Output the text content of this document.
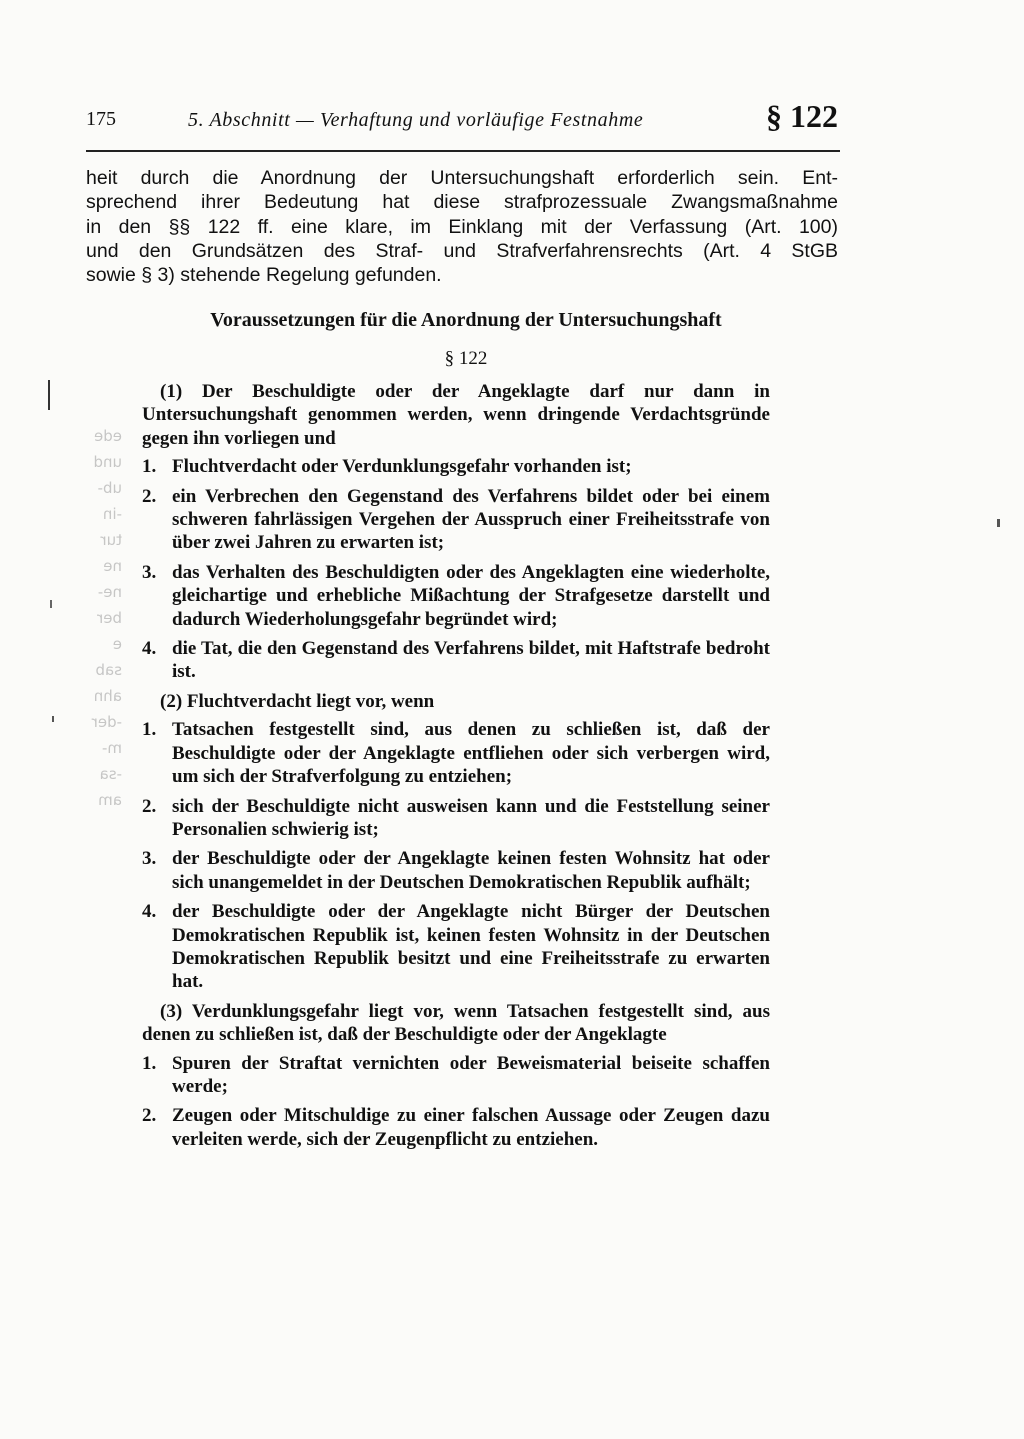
175	5. Abschnitt — Verhaftung und vorläufige Festnahme	§ 122
heit durch die Anordnung der Untersuchungshaft erforderlich sein. Ent-
sprechend ihrer Bedeutung hat diese strafprozessuale Zwangsmaßnahme
in den §§ 122 ff. eine klare, im Einklang mit der Verfassung (Art. 100)
und den Grundsätzen des Straf- und Strafverfahrensrechts (Art. 4 StGB
sowie § 3) stehende Regelung gefunden.
Voraussetzungen für die Anordnung der Untersuchungshaft
§ 122
(1) Der Beschuldigte oder der Angeklagte darf nur dann in Untersuchungshaft genommen werden, wenn dringende Verdachtsgründe gegen ihn vorliegen und
1. Fluchtverdacht oder Verdunklungsgefahr vorhanden ist;
2. ein Verbrechen den Gegenstand des Verfahrens bildet oder bei einem schweren fahrlässigen Vergehen der Ausspruch einer Freiheitsstrafe von über zwei Jahren zu erwarten ist;
3. das Verhalten des Beschuldigten oder des Angeklagten eine wiederholte, gleichartige und erhebliche Mißachtung der Strafgesetze darstellt und dadurch Wiederholungsgefahr begründet wird;
4. die Tat, die den Gegenstand des Verfahrens bildet, mit Haftstrafe bedroht ist.
(2) Fluchtverdacht liegt vor, wenn
1. Tatsachen festgestellt sind, aus denen zu schließen ist, daß der Beschuldigte oder der Angeklagte entfliehen oder sich verbergen wird, um sich der Strafverfolgung zu entziehen;
2. sich der Beschuldigte nicht ausweisen kann und die Feststellung seiner Personalien schwierig ist;
3. der Beschuldigte oder der Angeklagte keinen festen Wohnsitz hat oder sich unangemeldet in der Deutschen Demokratischen Republik aufhält;
4. der Beschuldigte oder der Angeklagte nicht Bürger der Deutschen Demokratischen Republik ist, keinen festen Wohnsitz in der Deutschen Demokratischen Republik besitzt und eine Freiheitsstrafe zu erwarten hat.
(3) Verdunklungsgefahr liegt vor, wenn Tatsachen festgestellt sind, aus denen zu schließen ist, daß der Beschuldigte oder der Angeklagte
1. Spuren der Straftat vernichten oder Beweismaterial beiseite schaffen werde;
2. Zeugen oder Mitschuldige zu einer falschen Aussage oder Zeugen dazu verleiten werde, sich der Zeugenpflicht zu entziehen.
ede
und
ub-
-in
tur
ne
ne-
ber
e
sab
ahn
-der
m-
-sa
am
